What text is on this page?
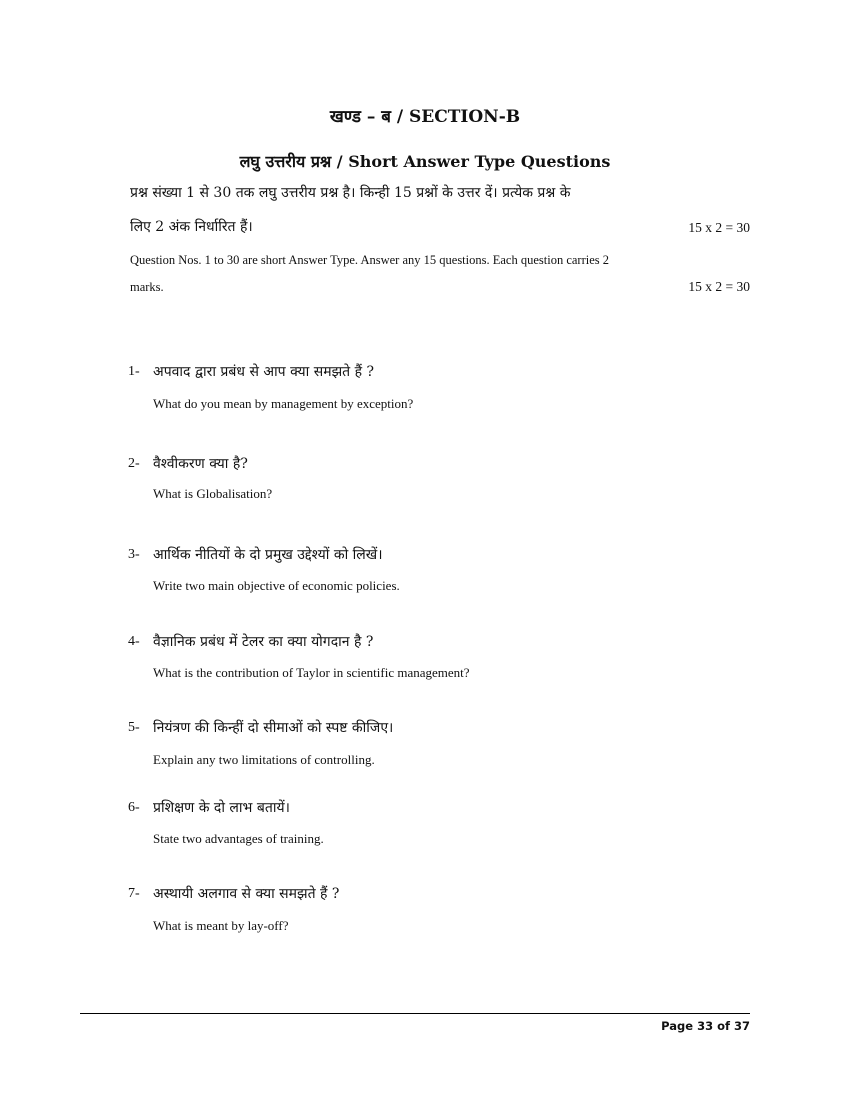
खण्ड – ब / SECTION-B
लघु उत्तरीय प्रश्न / Short Answer Type Questions
प्रश्न संख्या 1 से 30 तक लघु उत्तरीय प्रश्न है। किन्ही 15 प्रश्नों के उत्तर दें। प्रत्येक प्रश्न के
लिए 2 अंक निर्धारित हैं।	15 x 2 = 30
Question Nos. 1 to 30 are short Answer Type. Answer any 15 questions. Each question carries 2
marks.	15 x 2 = 30
1- अपवाद द्वारा प्रबंध से आप क्या समझते हैं ?
What do you mean by management by exception?
2- वैश्वीकरण क्या है?
What is Globalisation?
3- आर्थिक नीतियों के दो प्रमुख उद्देश्यों को लिखें।
Write two main objective of economic policies.
4- वैज्ञानिक प्रबंध में टेलर का क्या योगदान है ?
What is the contribution of Taylor in scientific management?
5- नियंत्रण की किन्हीं दो सीमाओं को स्पष्ट कीजिए।
Explain any two limitations of controlling.
6- प्रशिक्षण के दो लाभ बतायें।
State two advantages of training.
7- अस्थायी अलगाव से क्या समझते हैं ?
What is meant by lay-off?
Page 33 of 37
